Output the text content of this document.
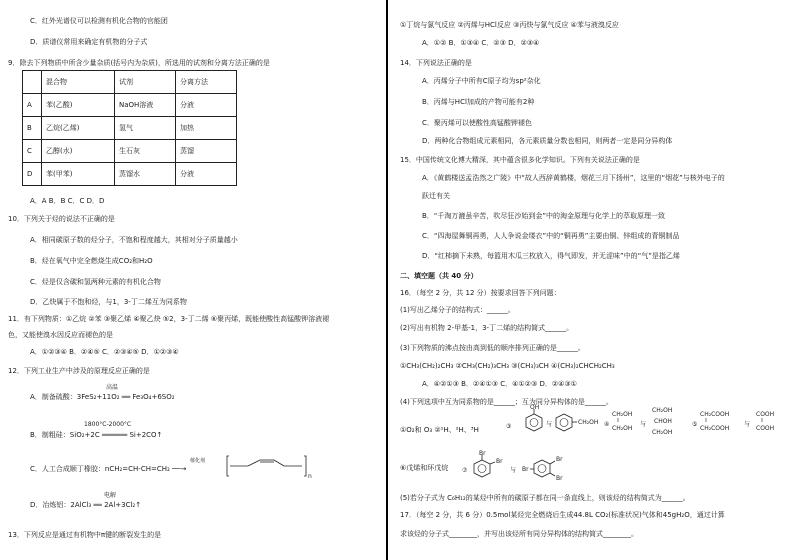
C．红外光谱仪可以检测有机化合物的官能团
D．质谱仪常用来确定有机物的分子式
9．除去下列物质中所含少量杂质(括号内为杂质)，所选用的试剂和分离方法正确的是
	混合物	试剂	分离方法
A	苯(乙酸)	NaOH溶液	分液
B	乙烷(乙烯)	氢气	加热
C	乙醇(水)	生石灰	蒸馏
D	苯(甲苯)	蒸馏水	分液
A．A B．B C．C D．D
10．下列关于烃的说法不正确的是
A．相同碳原子数的烃分子，不饱和程度越大，其相对分子质量越小
B．烃在氧气中完全燃烧生成CO₂和H₂O
C．烃是仅含碳和氢两种元素的有机化合物
D．乙炔属于不饱和烃，与1，3-丁二烯互为同系物
11．有下列物质：①乙烷 ②苯 ③聚乙烯 ④聚乙炔 ⑤2，3-丁二烯 ⑥聚丙烯，既能使酸性高锰酸钾溶液褪
色，又能使溴水因反应而褪色的是
A．①②③④ B．②④⑤ C．②③④⑤ D．①②③④
12．下列工业生产中涉及的原理反应正确的是
A．制备硫酸：3FeS₂+11O₂ ══ Fe₃O₄+6SO₂
高温
B．制粗硅：SiO₂+2C ══════ Si+2CO↑
1800°C-2000°C
C．人工合成顺丁橡胶：nCH₂=CH-CH=CH₂ ──→
催化剂
n
D．冶炼铝：2AlCl₃ ══ 2Al+3Cl₂↑
电解
13．下列反应是通过有机物中π键的断裂发生的是
①丁烷与氯气反应 ②丙烯与HCl反应 ③丙炔与氯气反应 ④苯与液溴反应
A．①② B．①③④ C．②③ D．②③④
14．下列说法正确的是
A．丙烯分子中所有C原子均为sp²杂化
B．丙烯与HCl加成的产物可能有2种
C．聚丙烯可以使酸性高锰酸钾褪色
D．两种化合物组成元素相同，各元素质量分数也相同，则两者一定是同分异构体
15．中国传统文化博大精深，其中蕴含很多化学知识。下列有关说法正确的是
A．《黄鹤楼送孟浩然之广陵》中“故人西辞黄鹤楼，烟花三月下扬州”，这里的“烟花”与核外电子的
跃迁有关
B．“千淘万漉虽辛苦，吹尽狂沙始到金”中的淘金原理与化学上的萃取原理一致
C．“四海屋舞铜再勇，人人争说金缕衣”中的“铜再勇”主要由铜、锌组成的青铜制品
D．“红柿摘下未熟，每篮用木瓜三枚放入，得气即发，并无涩味”中的“气”是指乙烯
二、填空题（共 40 分）
16．（每空 2 分，共 12 分）按要求回答下列问题：
(1)写出乙烯分子的结构式：______。
(2)写出有机物 2-甲基-1，3-丁二烯的结构简式______。
(3)下列物质的沸点按由高到低的顺序排列正确的是______。
①CH₃(CH₂)₂CH₃ ②CH₃(CH₂)₃CH₃ ③(CH₃)₃CH ④(CH₃)₂CHCH₂CH₃
A．④②①③ B．②④①③ C．④①②③ D．②④③①
(4)下列选项中互为同系物的是______；互为同分异构体的是______。
①O₂和 O₃ ②¹H、²H、³H	③
OH
与	CH₂OH ④
CH₂OH
CH₂OH
与
CH₂OH
CHOH
CH₂OH
⑤
CH₂COOH
CH₂COOH
与
COOH
COOH
⑥戊烯和环戊烷 ⑦
Br
Br
与 Br
Br
Br
(5)若分子式为 C₆H₁₂的某烃中所有的碳原子都在同一条直线上，则该烃的结构简式为______。
17．（每空 2 分，共 6 分）0.5mol某烃完全燃烧后生成44.8L CO₂(标准状况)气体和45gH₂O，通过计算
求该烃的分子式________，并写出该烃所有同分异构体的结构简式________。
